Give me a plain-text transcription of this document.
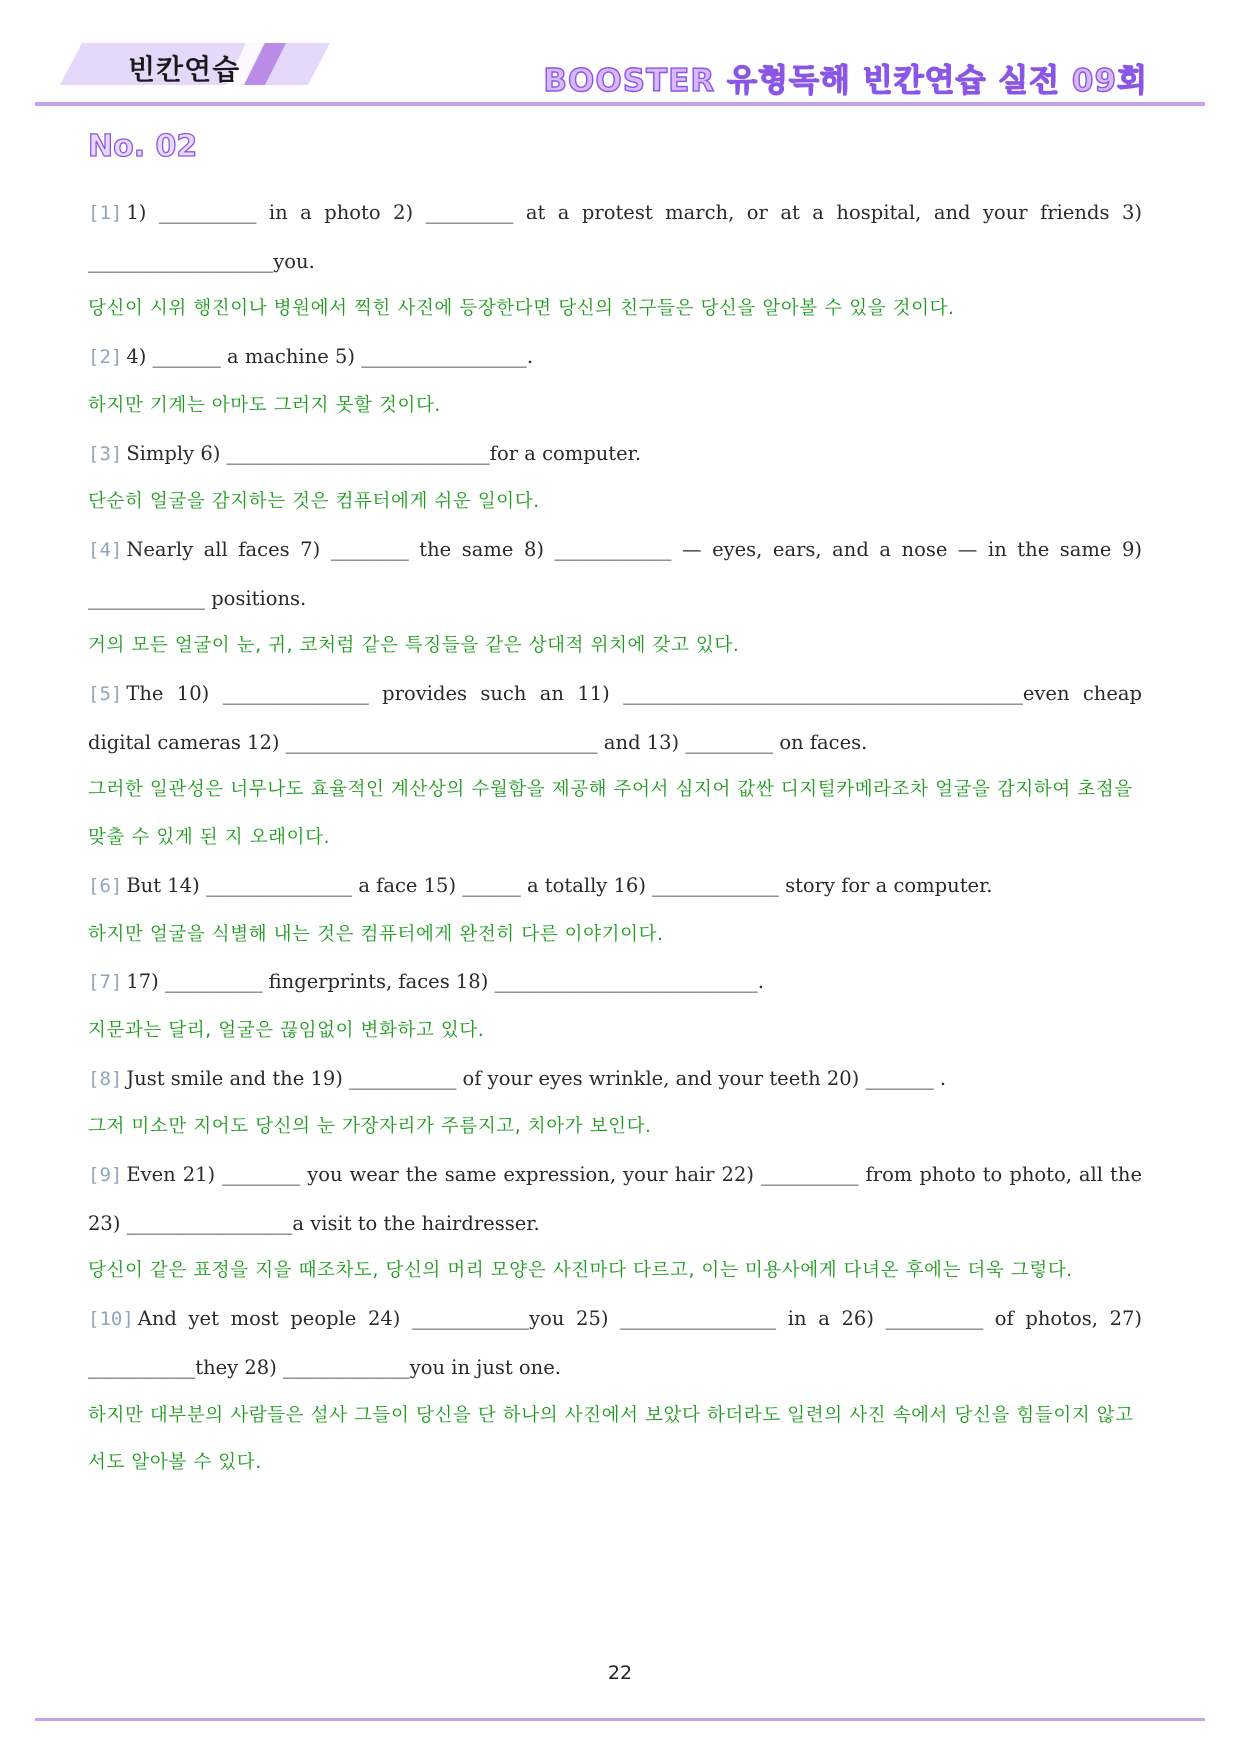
빈칸연습	BOOSTER 유형독해 빈칸연습 실전 09회
No. 02
[1] 1) __________ in a photo 2) _________ at a protest march, or at a hospital, and your friends 3) ___________________you.
당신이 시위 행진이나 병원에서 찍힌 사진에 등장한다면 당신의 친구들은 당신을 알아볼 수 있을 것이다.
[2] 4) _______ a machine 5) _________________.
하지만 기계는 아마도 그러지 못할 것이다.
[3] Simply 6) ___________________________for a computer.
단순히 얼굴을 감지하는 것은 컴퓨터에게 쉬운 일이다.
[4] Nearly all faces 7) ________ the same 8) ____________ — eyes, ears, and a nose — in the same 9) ____________ positions.
거의 모든 얼굴이 눈, 귀, 코처럼 같은 특징들을 같은 상대적 위치에 갖고 있다.
[5] The 10) _______________ provides such an 11) _________________________________________even cheap digital cameras 12) ________________________________ and 13) _________ on faces.
그러한 일관성은 너무나도 효율적인 계산상의 수월함을 제공해 주어서 심지어 값싼 디지털카메라조차 얼굴을 감지하여 초점을 맞출 수 있게 된 지 오래이다.
[6] But 14) _______________ a face 15) ______ a totally 16) _____________ story for a computer.
하지만 얼굴을 식별해 내는 것은 컴퓨터에게 완전히 다른 이야기이다.
[7] 17) __________ fingerprints, faces 18) ___________________________.
지문과는 달리, 얼굴은 끊임없이 변화하고 있다.
[8] Just smile and the 19) ___________ of your eyes wrinkle, and your teeth 20) _______ .
그저 미소만 지어도 당신의 눈 가장자리가 주름지고, 치아가 보인다.
[9] Even 21) ________ you wear the same expression, your hair 22) __________ from photo to photo, all the 23) _________________a visit to the hairdresser.
당신이 같은 표정을 지을 때조차도, 당신의 머리 모양은 사진마다 다르고, 이는 미용사에게 다녀온 후에는 더욱 그렇다.
[10] And yet most people 24) ____________you 25) ________________ in a 26) __________ of photos, 27) ___________they 28) _____________you in just one.
하지만 대부분의 사람들은 설사 그들이 당신을 단 하나의 사진에서 보았다 하더라도 일련의 사진 속에서 당신을 힘들이지 않고서도 알아볼 수 있다.
22
